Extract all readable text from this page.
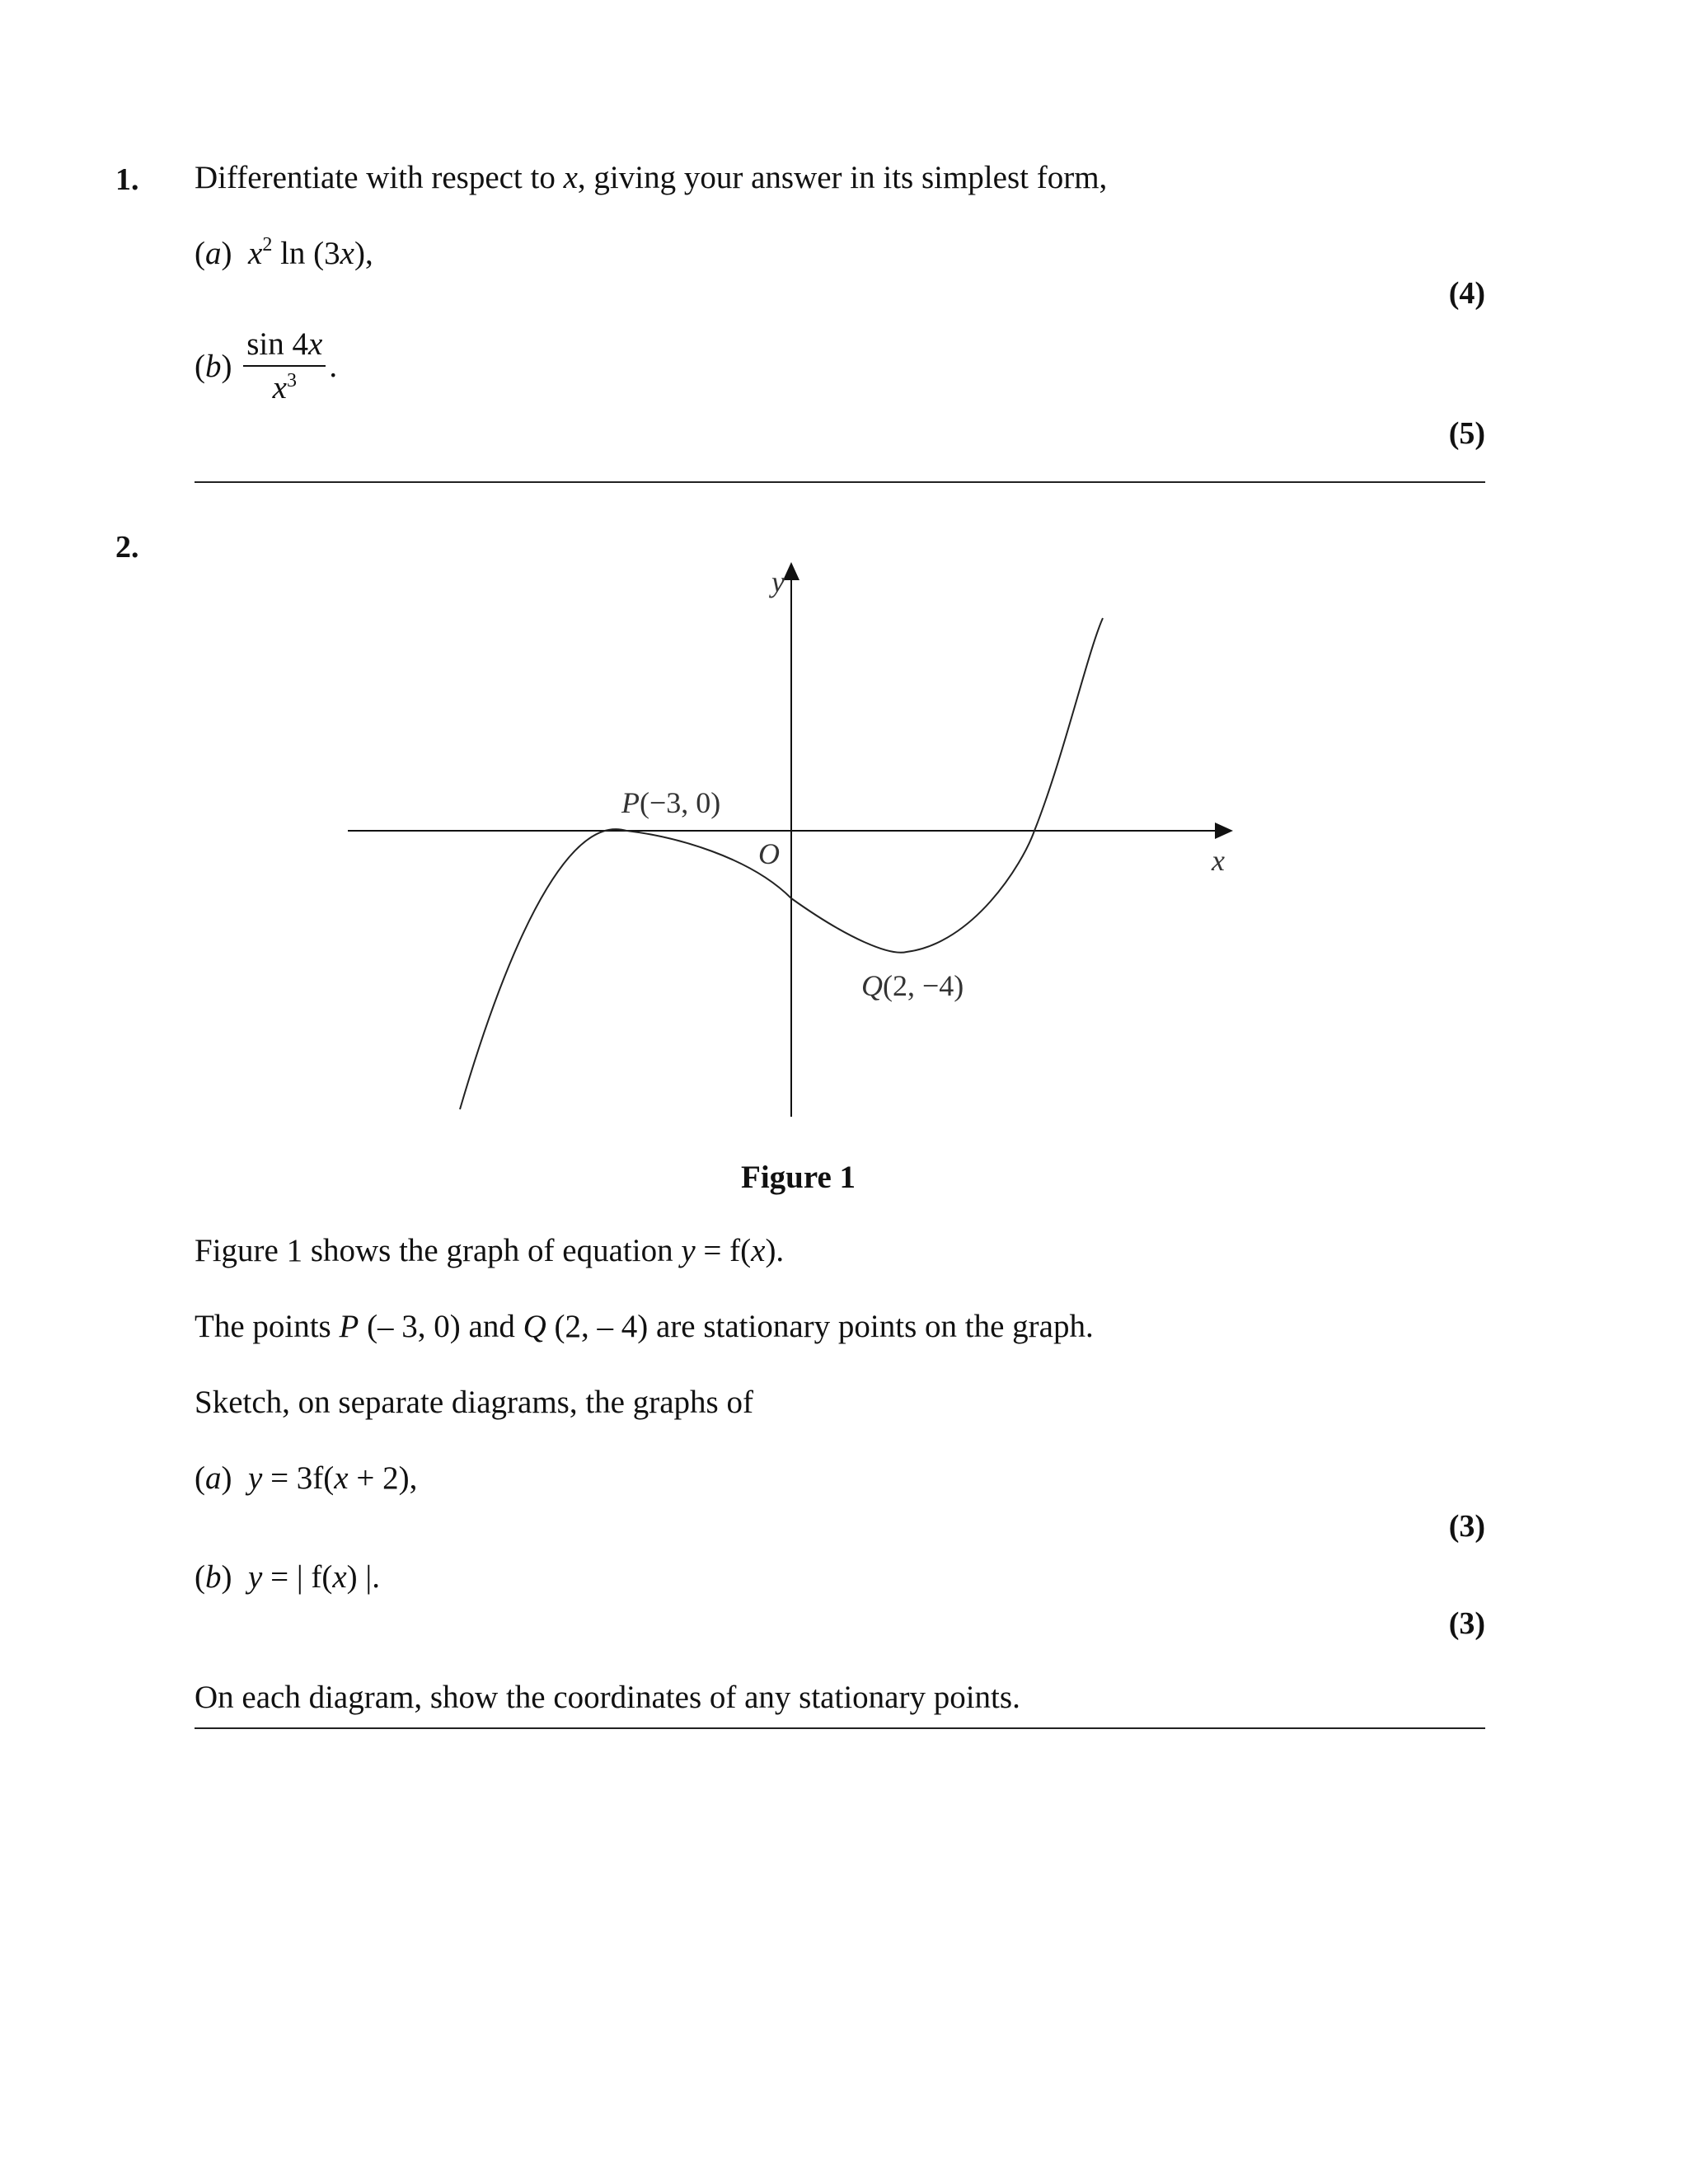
1. Differentiate with respect to x, giving your answer in its simplest form,
(a)  $x^2$ ln (3x),
(4)
$(b) \frac{\sin 4x}{x^3}$ .
(5)
2.
y
x
O
P(−3, 0)
Q(2, −4)
Figure 1
Figure 1 shows the graph of equation y = f(x).
The points P (– 3, 0) and Q (2, – 4) are stationary points on the graph.
Sketch, on separate diagrams, the graphs of
(a)  y = 3f(x + 2),
(3)
(b)  y = | f(x) |.
(3)
On each diagram, show the coordinates of any stationary points.
